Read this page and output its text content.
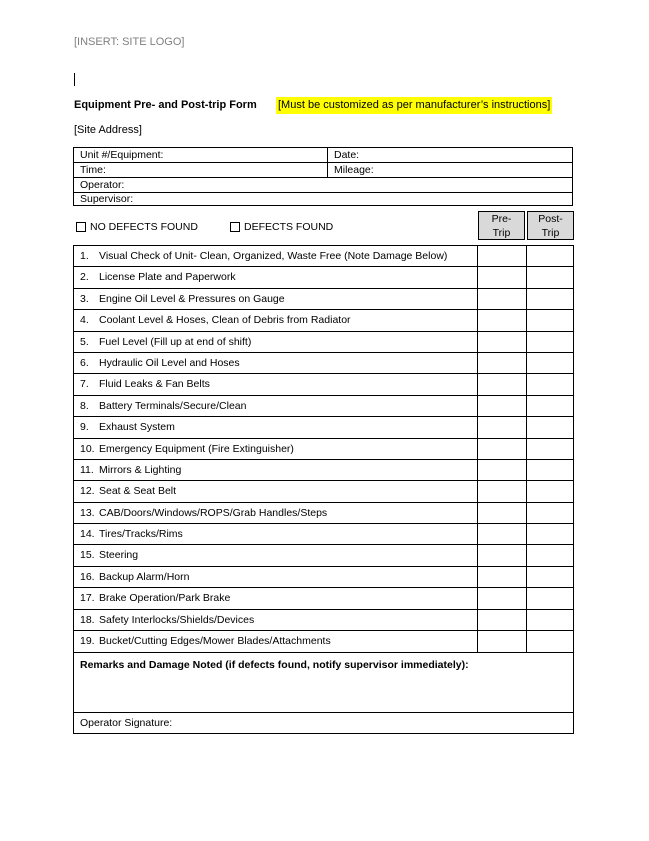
[INSERT: SITE LOGO]
Equipment Pre- and Post-trip Form [Must be customized as per manufacturer’s instructions]
[Site Address]
Unit #/Equipment:	Date:
Time:	Mileage:
Operator:
Supervisor:
NO DEFECTS FOUND	DEFECTS FOUND
Pre-
Trip
Post-
Trip
1. Visual Check of Unit- Clean, Organized, Waste Free (Note Damage Below)
2. License Plate and Paperwork
3. Engine Oil Level & Pressures on Gauge
4. Coolant Level & Hoses, Clean of Debris from Radiator
5. Fuel Level (Fill up at end of shift)
6. Hydraulic Oil Level and Hoses
7. Fluid Leaks & Fan Belts
8. Battery Terminals/Secure/Clean
9. Exhaust System
10. Emergency Equipment (Fire Extinguisher)
11. Mirrors & Lighting
12. Seat & Seat Belt
13. CAB/Doors/Windows/ROPS/Grab Handles/Steps
14. Tires/Tracks/Rims
15. Steering
16. Backup Alarm/Horn
17. Brake Operation/Park Brake
18. Safety Interlocks/Shields/Devices
19. Bucket/Cutting Edges/Mower Blades/Attachments
Remarks and Damage Noted (if defects found, notify supervisor immediately):
Operator Signature:
